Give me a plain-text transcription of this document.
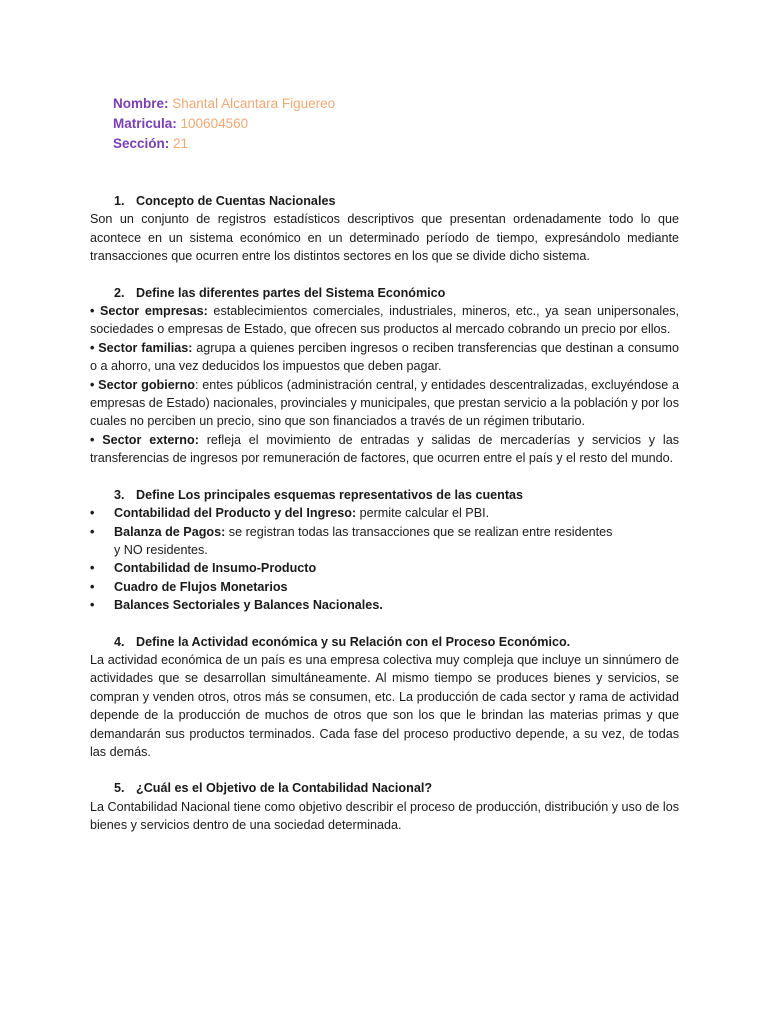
Nombre: Shantal Alcantara Figuereo
Matricula: 100604560
Sección: 21

1. Concepto de Cuentas Nacionales

Son un conjunto de registros estadísticos descriptivos que presentan ordenadamente todo lo que acontece en un sistema económico en un determinado período de tiempo, expresándolo mediante transacciones que ocurren entre los distintos sectores en los que se divide dicho sistema.

2. Define las diferentes partes del Sistema Económico

• Sector empresas: establecimientos comerciales, industriales, mineros, etc., ya sean unipersonales, sociedades o empresas de Estado, que ofrecen sus productos al mercado cobrando un precio por ellos.

• Sector familias: agrupa a quienes perciben ingresos o reciben transferencias que destinan a consumo o a ahorro, una vez deducidos los impuestos que deben pagar.

• Sector gobierno: entes públicos (administración central, y entidades descentralizadas, excluyéndose a empresas de Estado) nacionales, provinciales y municipales, que prestan servicio a la población y por los cuales no perciben un precio, sino que son financiados a través de un régimen tributario.

• Sector externo: refleja el movimiento de entradas y salidas de mercaderías y servicios y las transferencias de ingresos por remuneración de factores, que ocurren entre el país y el resto del mundo.

3. Define Los principales esquemas representativos de las cuentas

• Contabilidad del Producto y del Ingreso: permite calcular el PBI.
• Balanza de Pagos: se registran todas las transacciones que se realizan entre residentes y NO residentes.
• Contabilidad de Insumo-Producto
• Cuadro de Flujos Monetarios
• Balances Sectoriales y Balances Nacionales.

4. Define la Actividad económica y su Relación con el Proceso Económico.

La actividad económica de un país es una empresa colectiva muy compleja que incluye un sinnúmero de actividades que se desarrollan simultáneamente. Al mismo tiempo se produces bienes y servicios, se compran y venden otros, otros más se consumen, etc. La producción de cada sector y rama de actividad depende de la producción de muchos de otros que son los que le brindan las materias primas y que demandarán sus productos terminados. Cada fase del proceso productivo depende, a su vez, de todas las demás.

5. ¿Cuál es el Objetivo de la Contabilidad Nacional?

La Contabilidad Nacional tiene como objetivo describir el proceso de producción, distribución y uso de los bienes y servicios dentro de una sociedad determinada.
